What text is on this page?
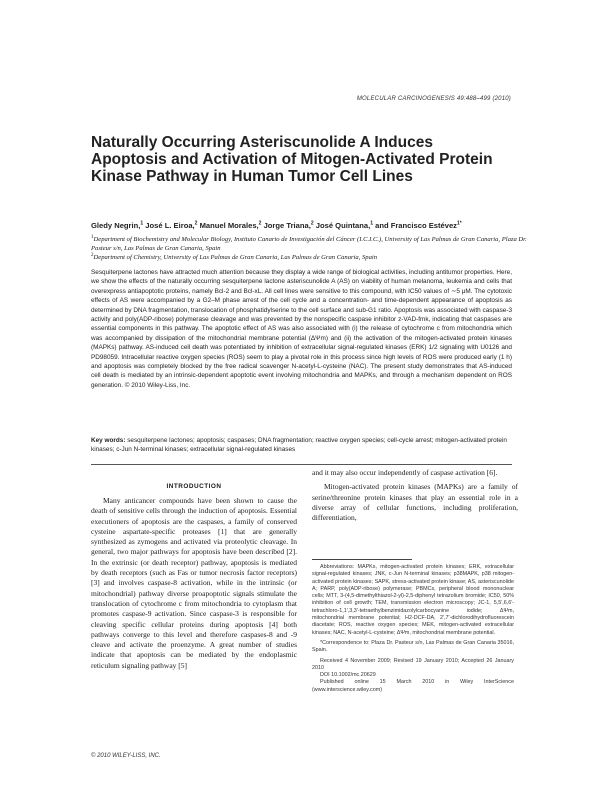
MOLECULAR CARCINOGENESIS 49:488–499 (2010)
Naturally Occurring Asteriscunolide A Induces Apoptosis and Activation of Mitogen-Activated Protein Kinase Pathway in Human Tumor Cell Lines
Gledy Negrin,$^1$ José L. Eiroa,$^2$ Manuel Morales,$^2$ Jorge Triana,$^2$ José Quintana,$^1$ and Francisco Estévez$^{1*}$
$^1$Department of Biochemistry and Molecular Biology, Instituto Canario de Investigación del Cáncer (I.C.I.C.), University of Las Palmas de Gran Canaria, Plaza Dr. Pasteur s/n, Las Palmas de Gran Canaria, Spain
$^2$Department of Chemistry, University of Las Palmas de Gran Canaria, Las Palmas de Gran Canaria, Spain
Sesquiterpene lactones have attracted much attention because they display a wide range of biological activities, including antitumor properties. Here, we show the effects of the naturally occurring sesquiterpene lactone asteriscunolide A (AS) on viability of human melanoma, leukemia and cells that overexpress antiapoptotic proteins, namely Bcl-2 and Bcl-xL. All cell lines were sensitive to this compound, with IC50 values of ∼5 μM. The cytotoxic effects of AS were accompanied by a G2–M phase arrest of the cell cycle and a concentration- and time-dependent appearance of apoptosis as determined by DNA fragmentation, translocation of phosphatidylserine to the cell surface and sub-G1 ratio. Apoptosis was associated with caspase-3 activity and poly(ADP-ribose) polymerase cleavage and was prevented by the nonspecific caspase inhibitor z-VAD-fmk, indicating that caspases are essential components in this pathway. The apoptotic effect of AS was also associated with (i) the release of cytochrome c from mitochondria which was accompanied by dissipation of the mitochondrial membrane potential (ΔΨm) and (ii) the activation of the mitogen-activated protein kinases (MAPKs) pathway. AS-induced cell death was potentiated by inhibition of extracellular signal-regulated kinases (ERK) 1/2 signaling with U0126 and PD98059. Intracellular reactive oxygen species (ROS) seem to play a pivotal role in this process since high levels of ROS were produced early (1 h) and apoptosis was completely blocked by the free radical scavenger N-acetyl-L-cysteine (NAC). The present study demonstrates that AS-induced cell death is mediated by an intrinsic-dependent apoptotic event involving mitochondria and MAPKs, and through a mechanism dependent on ROS generation. © 2010 Wiley-Liss, Inc.
Key words: sesquiterpene lactones; apoptosis; caspases; DNA fragmentation; reactive oxygen species; cell-cycle arrest; mitogen-activated protein kinases; c-Jun N-terminal kinases; extracellular signal-regulated kinases
INTRODUCTION

Many anticancer compounds have been shown to cause the death of sensitive cells through the induction of apoptosis. Essential executioners of apoptosis are the caspases, a family of conserved cysteine aspartate-specific proteases [1] that are generally synthesized as zymogens and activated via proteolytic cleavage. In general, two major pathways for apoptosis have been described [2]. In the extrinsic (or death receptor) pathway, apoptosis is mediated by death receptors (such as Fas or tumor necrosis factor receptors) [3] and involves caspase-8 activation, while in the intrinsic (or mitochondrial) pathway diverse proapoptotic signals stimulate the translocation of cytochrome c from mitochondria to cytoplasm that promotes caspase-9 activation. Since caspase-3 is responsible for cleaving specific cellular proteins during apoptosis [4] both pathways converge to this level and therefore caspases-8 and -9 cleave and activate the proenzyme. A great number of studies indicate that apoptosis can be mediated by the endoplasmic reticulum signaling pathway [5]

and it may also occur independently of caspase activation [6].

Mitogen-activated protein kinases (MAPKs) are a family of serine/threonine protein kinases that play an essential role in a diverse array of cellular functions, including proliferation, differentiation,

Abbreviations: MAPKs, mitogen-activated protein kinases; ERK, extracellular signal-regulated kinases; JNK, c-Jun N-terminal kinases; p38MAPK, p38 mitogen-activated protein kinases; SAPK, stress-activated protein kinase; AS, asteriscunolide A; PARP, poly(ADP-ribose) polymerase; PBMCs, peripheral blood mononuclear cells; MTT, 3-(4,5-dimethylthiazol-2-yl)-2,5-diphenyl tetrazolium bromide; IC50, 50% inhibition of cell growth; TEM, transmission electron microscopy; JC-1, 5,5′,6,6′-tetrachloro-1,1′,3,3′-tetraethylbenzimidazolylcarbocyanine iodide; ΔΨm, mitochondrial membrane potential; H2-DCF-DA, 2′,7′-dichlorodihydrofluorescein diacetate; ROS, reactive oxygen species; MEK, mitogen-activated extracellular kinases; NAC, N-acetyl-L-cysteine; ΔΨm, mitochondrial membrane potential.

*Correspondence to: Plaza Dr. Pasteur s/n, Las Palmas de Gran Canaria 35016, Spain.

Received 4 November 2009; Revised 19 January 2010; Accepted 26 January 2010

DOI 10.1002/mc.20629

Published online 15 March 2010 in Wiley InterScience (www.interscience.wiley.com)

© 2010 WILEY-LISS, INC.
